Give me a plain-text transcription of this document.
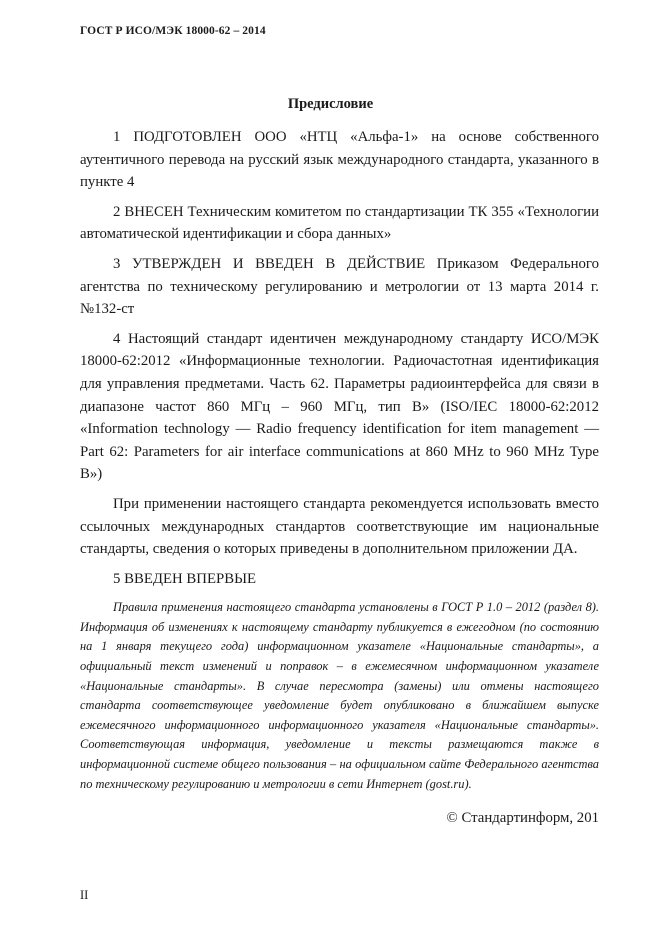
ГОСТ Р ИСО/МЭК 18000-62 – 2014
Предисловие

1 ПОДГОТОВЛЕН ООО «НТЦ «Альфа-1» на основе собственного аутентичного перевода на русский язык международного стандарта, указанного в пункте 4

2 ВНЕСЕН Техническим комитетом по стандартизации ТК 355 «Технологии автоматической идентификации и сбора данных»

3 УТВЕРЖДЕН И ВВЕДЕН В ДЕЙСТВИЕ Приказом Федерального агентства по техническому регулированию и метрологии от 13 марта 2014 г. №132-ст

4 Настоящий стандарт идентичен международному стандарту ИСО/МЭК 18000-62:2012 «Информационные технологии. Радиочастотная идентификация для управления предметами. Часть 62. Параметры радиоинтерфейса для связи в диапазоне частот 860 МГц – 960 МГц, тип В» (ISO/IEC 18000-62:2012 «Information technology — Radio frequency identification for item management — Part 62: Parameters for air interface communications at 860 MHz to 960 MHz Type B»)

При применении настоящего стандарта рекомендуется использовать вместо ссылочных международных стандартов соответствующие им национальные стандарты, сведения о которых приведены в дополнительном приложении ДА.

5 ВВЕДЕН ВПЕРВЫЕ

Правила применения настоящего стандарта установлены в ГОСТ Р 1.0 – 2012 (раздел 8). Информация об изменениях к настоящему стандарту публикуется в ежегодном (по состоянию на 1 января текущего года) информационном указателе «Национальные стандарты», а официальный текст изменений и поправок – в ежемесячном информационном указателе «Национальные стандарты». В случае пересмотра (замены) или отмены настоящего стандарта соответствующее уведомление будет опубликовано в ближайшем выпуске ежемесячного информационного информационного указателя «Национальные стандарты». Соответствующая информация, уведомление и тексты размещаются также в информационной системе общего пользования – на официальном сайте Федерального агентства по техническому регулированию и метрологии в сети Интернет (gost.ru).

© Стандартинформ, 201
II
